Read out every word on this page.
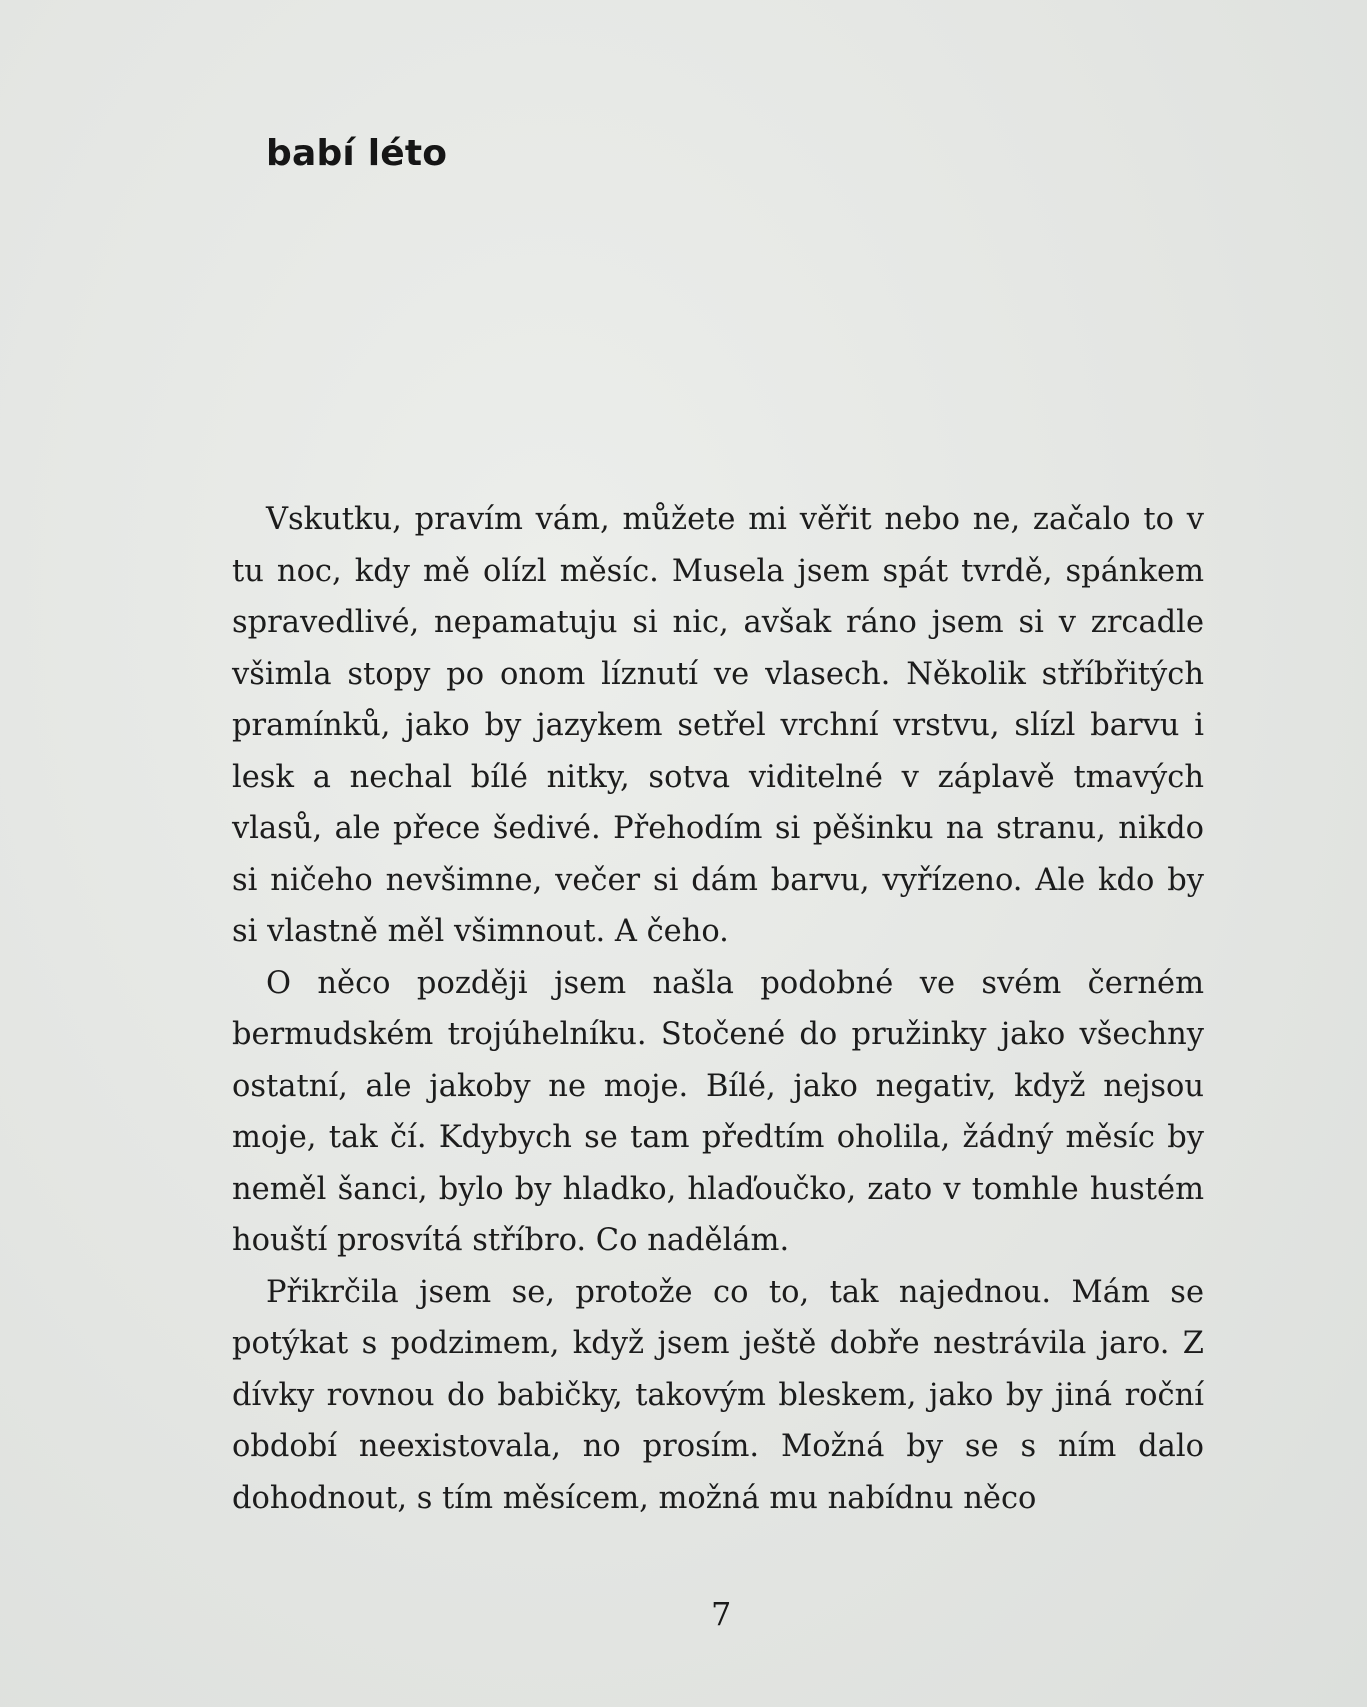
babí léto

Vskutku, pravím vám, můžete mi věřit nebo ne, začalo to v tu noc, kdy mě olízl měsíc. Musela jsem spát tvrdě, spánkem spravedlivé, nepamatuju si nic, avšak ráno jsem si v zrcadle všimla stopy po onom líznutí ve vlasech. Několik stříbřitých pramínků, jako by jazykem setřel vrchní vrstvu, slízl barvu i lesk a nechal bílé nitky, sotva viditelné v záplavě tmavých vlasů, ale přece šedivé. Přehodím si pěšinku na stranu, nikdo si ničeho nevšimne, večer si dám barvu, vyřízeno. Ale kdo by si vlastně měl všimnout. A čeho.

O něco později jsem našla podobné ve svém černém bermudském trojúhelníku. Stočené do pružinky jako všechny ostatní, ale jakoby ne moje. Bílé, jako negativ, když nejsou moje, tak čí. Kdybych se tam předtím oholila, žádný měsíc by neměl šanci, bylo by hladko, hlaďoučko, zato v tomhle hustém houští prosvítá stříbro. Co nadělám.

Přikrčila jsem se, protože co to, tak najednou. Mám se potýkat s podzimem, když jsem ještě dobře nestrávila jaro. Z dívky rovnou do babičky, takovým bleskem, jako by jiná roční období neexistovala, no prosím. Možná by se s ním dalo dohodnout, s tím měsícem, možná mu nabídnu něco

7
